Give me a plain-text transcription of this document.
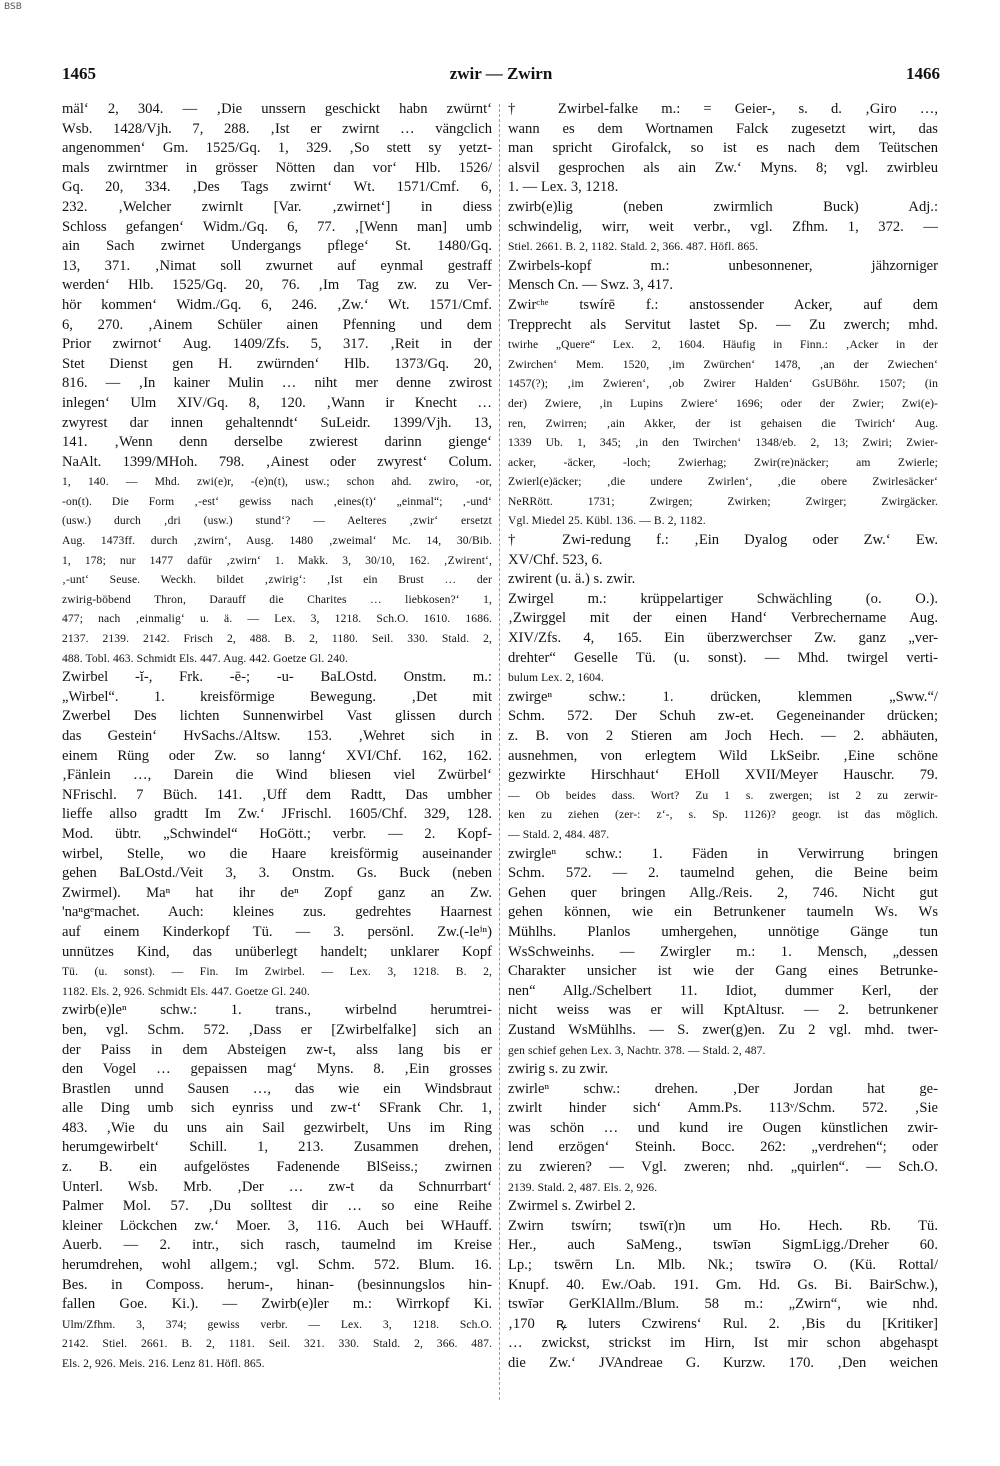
BSB
1465	zwir — Zwirn	1466
mäl‘ 2, 304. — ‚Die unssern geschickt habn zwürnt‘
Wsb. 1428/Vjh. 7, 288. ‚Ist er zwirnt … vängclich
angenommen‘ Gm. 1525/Gq. 1, 329. ‚So stett sy yetzt-
mals zwirntmer in grösser Nötten dan vor‘ Hlb. 1526/
Gq. 20, 334. ‚Des Tags zwirnt‘ Wt. 1571/Cmf. 6,
232. ‚Welcher zwirnlt [Var. ‚zwirnet‘] in diess
Schloss gefangen‘ Widm./Gq. 6, 77. ‚[Wenn man] umb
ain Sach zwirnet Undergangs pflege‘ St. 1480/Gq.
13, 371. ‚Nimat soll zwurnet auf eynmal gestraff
werden‘ Hlb. 1525/Gq. 20, 76. ‚Im Tag zw. zu Ver-
hör kommen‘ Widm./Gq. 6, 246. ‚Zw.‘ Wt. 1571/Cmf.
6, 270. ‚Ainem Schüler ainen Pfenning und dem
Prior zwirnot‘ Aug. 1409/Zfs. 5, 317. ‚Reit in der
Stet Dienst gen H. zwürnden‘ Hlb. 1373/Gq. 20,
816. — ‚In kainer Mulin … niht mer denne zwirost
inlegen‘ Ulm XIV/Gq. 8, 120. ‚Wann ir Knecht …
zwyrest dar innen gehaltenndt‘ SuLeidr. 1399/Vjh. 13,
141. ‚Wenn denn derselbe zwierest darinn gienge‘
NaAlt. 1399/MHoh. 798. ‚Ainest oder zwyrest‘ Colum.
1, 140. — Mhd. zwi(e)r, -(e)n(t), usw.; schon ahd. zwiro, -or,
-on(t). Die Form ‚-est‘ gewiss nach ‚eines(t)‘ „einmal“; ‚-und‘
(usw.) durch ‚dri (usw.) stund‘? — Aelteres ‚zwir‘ ersetzt
Aug. 1473ff. durch ‚zwirn‘, Ausg. 1480 ‚zweimal‘ Mc. 14, 30/Bib.
1, 178; nur 1477 dafür ‚zwirn‘ 1. Makk. 3, 30/10, 162. ‚Zwirent‘,
‚-unt‘ Seuse. Weckh. bildet ‚zwirig‘: ‚Ist ein Brust … der
zwirig-böbend Thron, Darauff die Charites … liebkosen?‘ 1,
477; nach ‚einmalig‘ u. ä. — Lex. 3, 1218. Sch.O. 1610. 1686.
2137. 2139. 2142. Frisch 2, 488. B. 2, 1180. Seil. 330. Stald. 2,
488. Tobl. 463. Schmidt Els. 447. Aug. 442. Goetze Gl. 240.
Zwirbel -ĭ-, Frk. -ē-; -u- BaLOstd. Onstm. m.:
„Wirbel“. 1. kreisförmige Bewegung. ‚Det mit
Zwerbel Des lichten Sunnenwirbel Vast glissen durch
das Gestein‘ HvSachs./Altsw. 153. ‚Wehret sich in
einem Rüng oder Zw. so lanng‘ XVI/Chf. 162, 162.
‚Fänlein …, Darein die Wind bliesen viel Zwürbel‘
NFrischl. 7 Büch. 141. ‚Uff dem Radtt, Das umbher
lieffe allso gradtt Im Zw.‘ JFrischl. 1605/Chf. 329, 128.
Mod. übtr. „Schwindel“ HoGött.; verbr. — 2. Kopf-
wirbel, Stelle, wo die Haare kreisförmig auseinander
gehen BaLOstd./Veit 3, 3. Onstm. Gs. Buck (neben
Zwirmel). Maⁿ hat ihr deⁿ Zopf ganz an Zw.
'naⁿgᵉmachet. Auch: kleines zus. gedrehtes Haarnest
auf einem Kinderkopf Tü. — 3. persönl. Zw.(-leⁱⁿ)
unnützes Kind, das unüberlegt handelt; unklarer Kopf
Tü. (u. sonst). — Fin. Im Zwirbel. — Lex. 3, 1218. B. 2,
1182. Els. 2, 926. Schmidt Els. 447. Goetze Gl. 240.
zwirb(e)leⁿ schw.: 1. trans., wirbelnd herumtrei-
ben, vgl. Schm. 572. ‚Dass er [Zwirbelfalke] sich an
der Paiss in dem Absteigen zw-t, alss lang bis er
den Vogel … gepaissen mag‘ Myns. 8. ‚Ein grosses
Brastlen unnd Sausen …, das wie ein Windsbraut
alle Ding umb sich eynriss und zw-t‘ SFrank Chr. 1,
483. ‚Wie du uns ain Sail gezwirbelt, Uns im Ring
herumgewirbelt‘ Schill. 1, 213. Zusammen drehen,
z. B. ein aufgelöstes Fadenende BlSeiss.; zwirnen
Unterl. Wsb. Mrb. ‚Der … zw-t da Schnurrbart‘
Palmer Mol. 57. ‚Du solltest dir … so eine Reihe
kleiner Löckchen zw.‘ Moer. 3, 116. Auch bei WHauff.
Auerb. — 2. intr., sich rasch, taumelnd im Kreise
herumdrehen, wohl allgem.; vgl. Schm. 572. Blum. 16.
Bes. in Composs. herum-, hinan- (besinnungslos hin-
fallen Goe. Ki.). — Zwirb(e)ler m.: Wirrkopf Ki.
Ulm/Zfhm. 3, 374; gewiss verbr. — Lex. 3, 1218. Sch.O.
2142. Stiel. 2661. B. 2, 1181. Seil. 321. 330. Stald. 2, 366. 487.
Els. 2, 926. Meis. 216. Lenz 81. Höfl. 865.
† Zwirbel-falke m.: = Geier-, s. d. ‚Giro …,
wann es dem Wortnamen Falck zugesetzt wirt, das
man spricht Girofalck, so ist es nach dem Teütschen
alsvil gesprochen als ain Zw.‘ Myns. 8; vgl. zwirbleu
1. — Lex. 3, 1218.
zwirb(e)lig (neben zwirmlich Buck) Adj.:
schwindelig, wirr, weit verbr., vgl. Zfhm. 1, 372. —
Stiel. 2661. B. 2, 1182. Stald. 2, 366. 487. Höfl. 865.
Zwirbels-kopf m.: unbesonnener, jähzorniger
Mensch Cn. — Swz. 3, 417.
Zwirᶜʰᵉ tswírē f.: anstossender Acker, auf dem
Trepprecht als Servitut lastet Sp. — Zu zwerch; mhd.
twirhe „Quere“ Lex. 2, 1604. Häufig in Finn.: ‚Acker in der
Zwirchen‘ Mem. 1520, ‚im Zwürchen‘ 1478, ‚an der Zwiechen‘
1457(?); ‚im Zwieren‘, ‚ob Zwirer Halden‘ GsUBöhr. 1507; (in
der) Zwiere, ‚in Lupins Zwiere‘ 1696; oder der Zwier; Zwi(e)-
ren, Zwirren; ‚ain Akker, der ist gehaisen die Twirich‘ Aug.
1339 Ub. 1, 345; ‚in den Twirchen‘ 1348/eb. 2, 13; Zwiri; Zwier-
acker, -äcker, -loch; Zwierhag; Zwir(re)näcker; am Zwierle;
Zwierl(e)äcker; ‚die undere Zwirlen‘, ‚die obere Zwirlesäcker‘
NeRRött. 1731; Zwirgen; Zwirken; Zwirger; Zwirgäcker.
Vgl. Miedel 25. Kübl. 136. — B. 2, 1182.
† Zwi-redung f.: ‚Ein Dyalog oder Zw.‘ Ew.
XV/Chf. 523, 6.
zwirent (u. ä.) s. zwir.
Zwirgel m.: krüppelartiger Schwächling (o. O.).
‚Zwirggel mit der einen Hand‘ Verbrechername Aug.
XIV/Zfs. 4, 165. Ein überzwerchser Zw. ganz „ver-
drehter“ Geselle Tü. (u. sonst). — Mhd. twirgel verti-
bulum Lex. 2, 1604.
zwirgeⁿ schw.: 1. drücken, klemmen „Sww.“/
Schm. 572. Der Schuh zw-et. Gegeneinander drücken;
z. B. von 2 Stieren am Joch Hech. — 2. abhäuten,
ausnehmen, von erlegtem Wild LkSeibr. ‚Eine schöne
gezwirkte Hirschhaut‘ EHoll XVII/Meyer Hauschr. 79.
— Ob beides dass. Wort? Zu 1 s. zwergen; ist 2 zu zerwir-
ken zu ziehen (zer-: z‘-, s. Sp. 1126)? geogr. ist das möglich.
— Stald. 2, 484. 487.
zwirgleⁿ schw.: 1. Fäden in Verwirrung bringen
Schm. 572. — 2. taumelnd gehen, die Beine beim
Gehen quer bringen Allg./Reis. 2, 746. Nicht gut
gehen können, wie ein Betrunkener taumeln Ws. Ws
Mühlhs. Planlos umhergehen, unnötige Gänge tun
WsSchweinhs. — Zwirgler m.: 1. Mensch, „dessen
Charakter unsicher ist wie der Gang eines Betrunke-
nen“ Allg./Schelbert 11. Idiot, dummer Kerl, der
nicht weiss was er will KptAltusr. — 2. betrunkener
Zustand WsMühlhs. — S. zwer(g)en. Zu 2 vgl. mhd. twer-
gen schief gehen Lex. 3, Nachtr. 378. — Stald. 2, 487.
zwirig s. zu zwir.
zwirleⁿ schw.: drehen. ‚Der Jordan hat ge-
zwirlt hinder sich‘ Amm.Ps. 113ᵛ/Schm. 572. ‚Sie
was schön … und kund ire Ougen künstlichen zwir-
lend erzögen‘ Steinh. Bocc. 262: „verdrehen“; oder
zu zwieren? — Vgl. zweren; nhd. „quirlen“. — Sch.O.
2139. Stald. 2, 487. Els. 2, 926.
Zwirmel s. Zwirbel 2.
Zwirn tswírn; tswī(r)n um Ho. Hech. Rb. Tü.
Her., auch SaMeng., tswīən SigmLigg./Dreher 60.
Lp.; tswērn Ln. Mlb. Nk.; tswīrə O. (Kü. Rottal/
Knupf. 40. Ew./Oab. 191. Gm. Hd. Gs. Bi. BairSchw.),
tswīər GerKlAllm./Blum. 58 m.: „Zwirn“, wie nhd.
‚170 ꝶ luters Czwirens‘ Rul. 2. ‚Bis du [Kritiker]
… zwickst, strickst im Hirn, Ist mir schon abgehaspt
die Zw.‘ JVAndreae G. Kurzw. 170. ‚Den weichen
